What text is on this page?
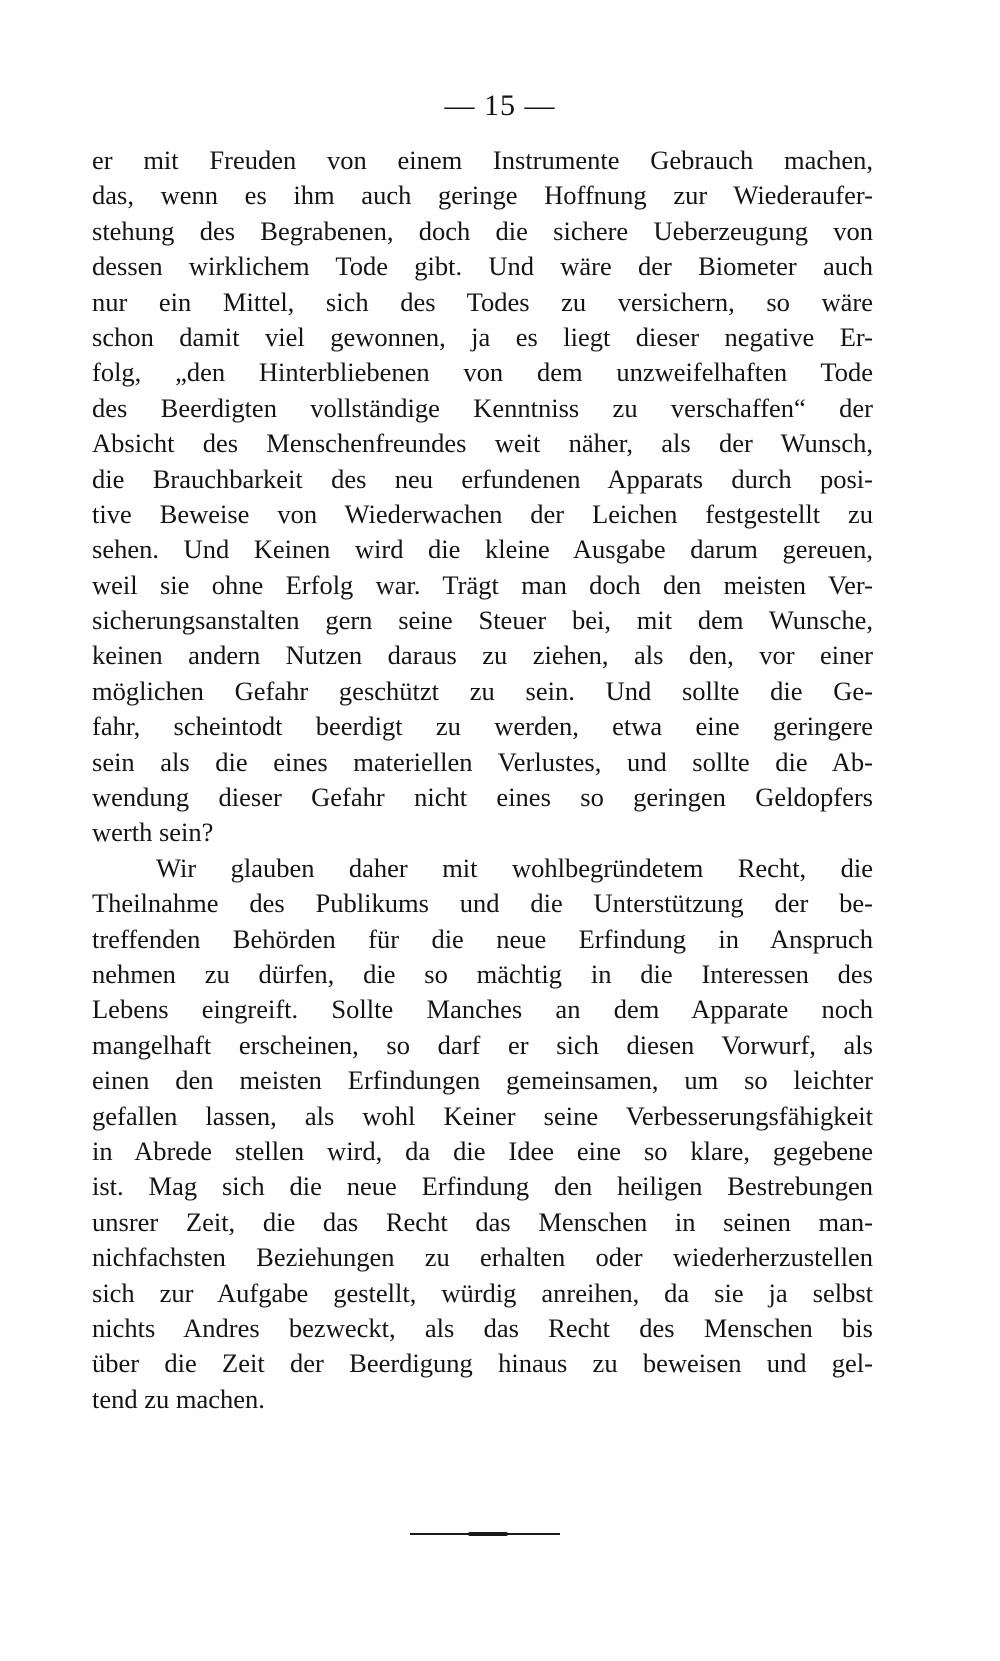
— 15 —
er mit Freuden von einem Instrumente Gebrauch machen,
das, wenn es ihm auch geringe Hoffnung zur Wiederaufer-
stehung des Begrabenen, doch die sichere Ueberzeugung von
dessen wirklichem Tode gibt. Und wäre der Biometer auch
nur ein Mittel, sich des Todes zu versichern, so wäre
schon damit viel gewonnen, ja es liegt dieser negative Er-
folg, „den Hinterbliebenen von dem unzweifelhaften Tode
des Beerdigten vollständige Kenntniss zu verschaffen“ der
Absicht des Menschenfreundes weit näher, als der Wunsch,
die Brauchbarkeit des neu erfundenen Apparats durch posi-
tive Beweise von Wiederwachen der Leichen festgestellt zu
sehen. Und Keinen wird die kleine Ausgabe darum gereuen,
weil sie ohne Erfolg war. Trägt man doch den meisten Ver-
sicherungsanstalten gern seine Steuer bei, mit dem Wunsche,
keinen andern Nutzen daraus zu ziehen, als den, vor einer
möglichen Gefahr geschützt zu sein. Und sollte die Ge-
fahr, scheintodt beerdigt zu werden, etwa eine geringere
sein als die eines materiellen Verlustes, und sollte die Ab-
wendung dieser Gefahr nicht eines so geringen Geldopfers
werth sein?
Wir glauben daher mit wohlbegründetem Recht, die
Theilnahme des Publikums und die Unterstützung der be-
treffenden Behörden für die neue Erfindung in Anspruch
nehmen zu dürfen, die so mächtig in die Interessen des
Lebens eingreift. Sollte Manches an dem Apparate noch
mangelhaft erscheinen, so darf er sich diesen Vorwurf, als
einen den meisten Erfindungen gemeinsamen, um so leichter
gefallen lassen, als wohl Keiner seine Verbesserungsfähigkeit
in Abrede stellen wird, da die Idee eine so klare, gegebene
ist. Mag sich die neue Erfindung den heiligen Bestrebungen
unsrer Zeit, die das Recht das Menschen in seinen man-
nichfachsten Beziehungen zu erhalten oder wiederherzustellen
sich zur Aufgabe gestellt, würdig anreihen, da sie ja selbst
nichts Andres bezweckt, als das Recht des Menschen bis
über die Zeit der Beerdigung hinaus zu beweisen und gel-
tend zu machen.
